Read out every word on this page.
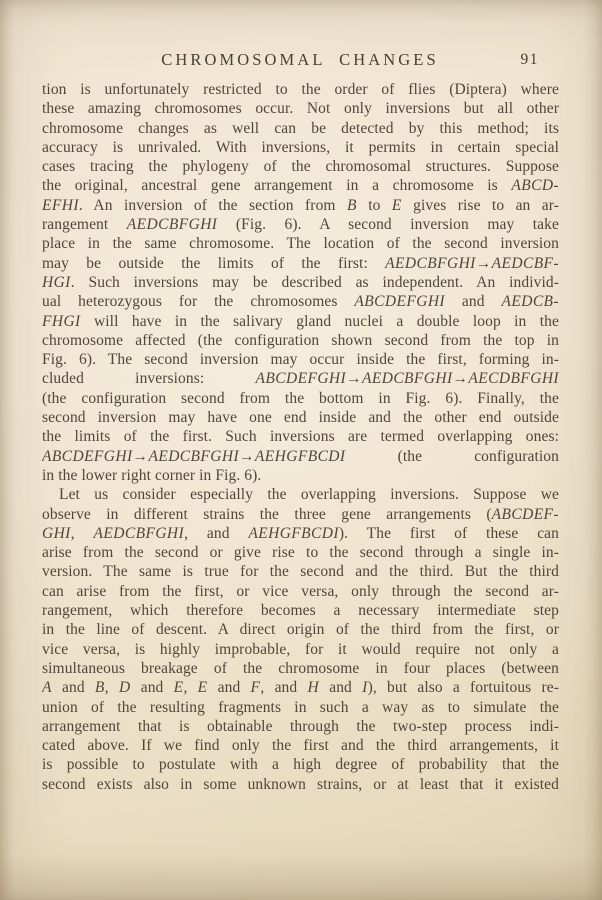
CHROMOSOMAL CHANGES	91
tion is unfortunately restricted to the order of flies (Diptera) where
these amazing chromosomes occur. Not only inversions but all other
chromosome changes as well can be detected by this method; its
accuracy is unrivaled. With inversions, it permits in certain special
cases tracing the phylogeny of the chromosomal structures. Suppose
the original, ancestral gene arrangement in a chromosome is ABCD-
EFHI. An inversion of the section from B to E gives rise to an ar-
rangement AEDCBFGHI (Fig. 6). A second inversion may take
place in the same chromosome. The location of the second inversion
may be outside the limits of the first: AEDCBFGHI→AEDCBF-
HGI. Such inversions may be described as independent. An individ-
ual heterozygous for the chromosomes ABCDEFGHI and AEDCB-
FHGI will have in the salivary gland nuclei a double loop in the
chromosome affected (the configuration shown second from the top in
Fig. 6). The second inversion may occur inside the first, forming in-
cluded inversions: ABCDEFGHI→AEDCBFGHI→AECDBFGHI
(the configuration second from the bottom in Fig. 6). Finally, the
second inversion may have one end inside and the other end outside
the limits of the first. Such inversions are termed overlapping ones:
ABCDEFGHI→AEDCBFGHI→AEHGFBCDI (the configuration
in the lower right corner in Fig. 6).
Let us consider especially the overlapping inversions. Suppose we
observe in different strains the three gene arrangements (ABCDEF-
GHI, AEDCBFGHI, and AEHGFBCDI). The first of these can
arise from the second or give rise to the second through a single in-
version. The same is true for the second and the third. But the third
can arise from the first, or vice versa, only through the second ar-
rangement, which therefore becomes a necessary intermediate step
in the line of descent. A direct origin of the third from the first, or
vice versa, is highly improbable, for it would require not only a
simultaneous breakage of the chromosome in four places (between
A and B, D and E, E and F, and H and I), but also a fortuitous re-
union of the resulting fragments in such a way as to simulate the
arrangement that is obtainable through the two-step process indi-
cated above. If we find only the first and the third arrangements, it
is possible to postulate with a high degree of probability that the
second exists also in some unknown strains, or at least that it existed
